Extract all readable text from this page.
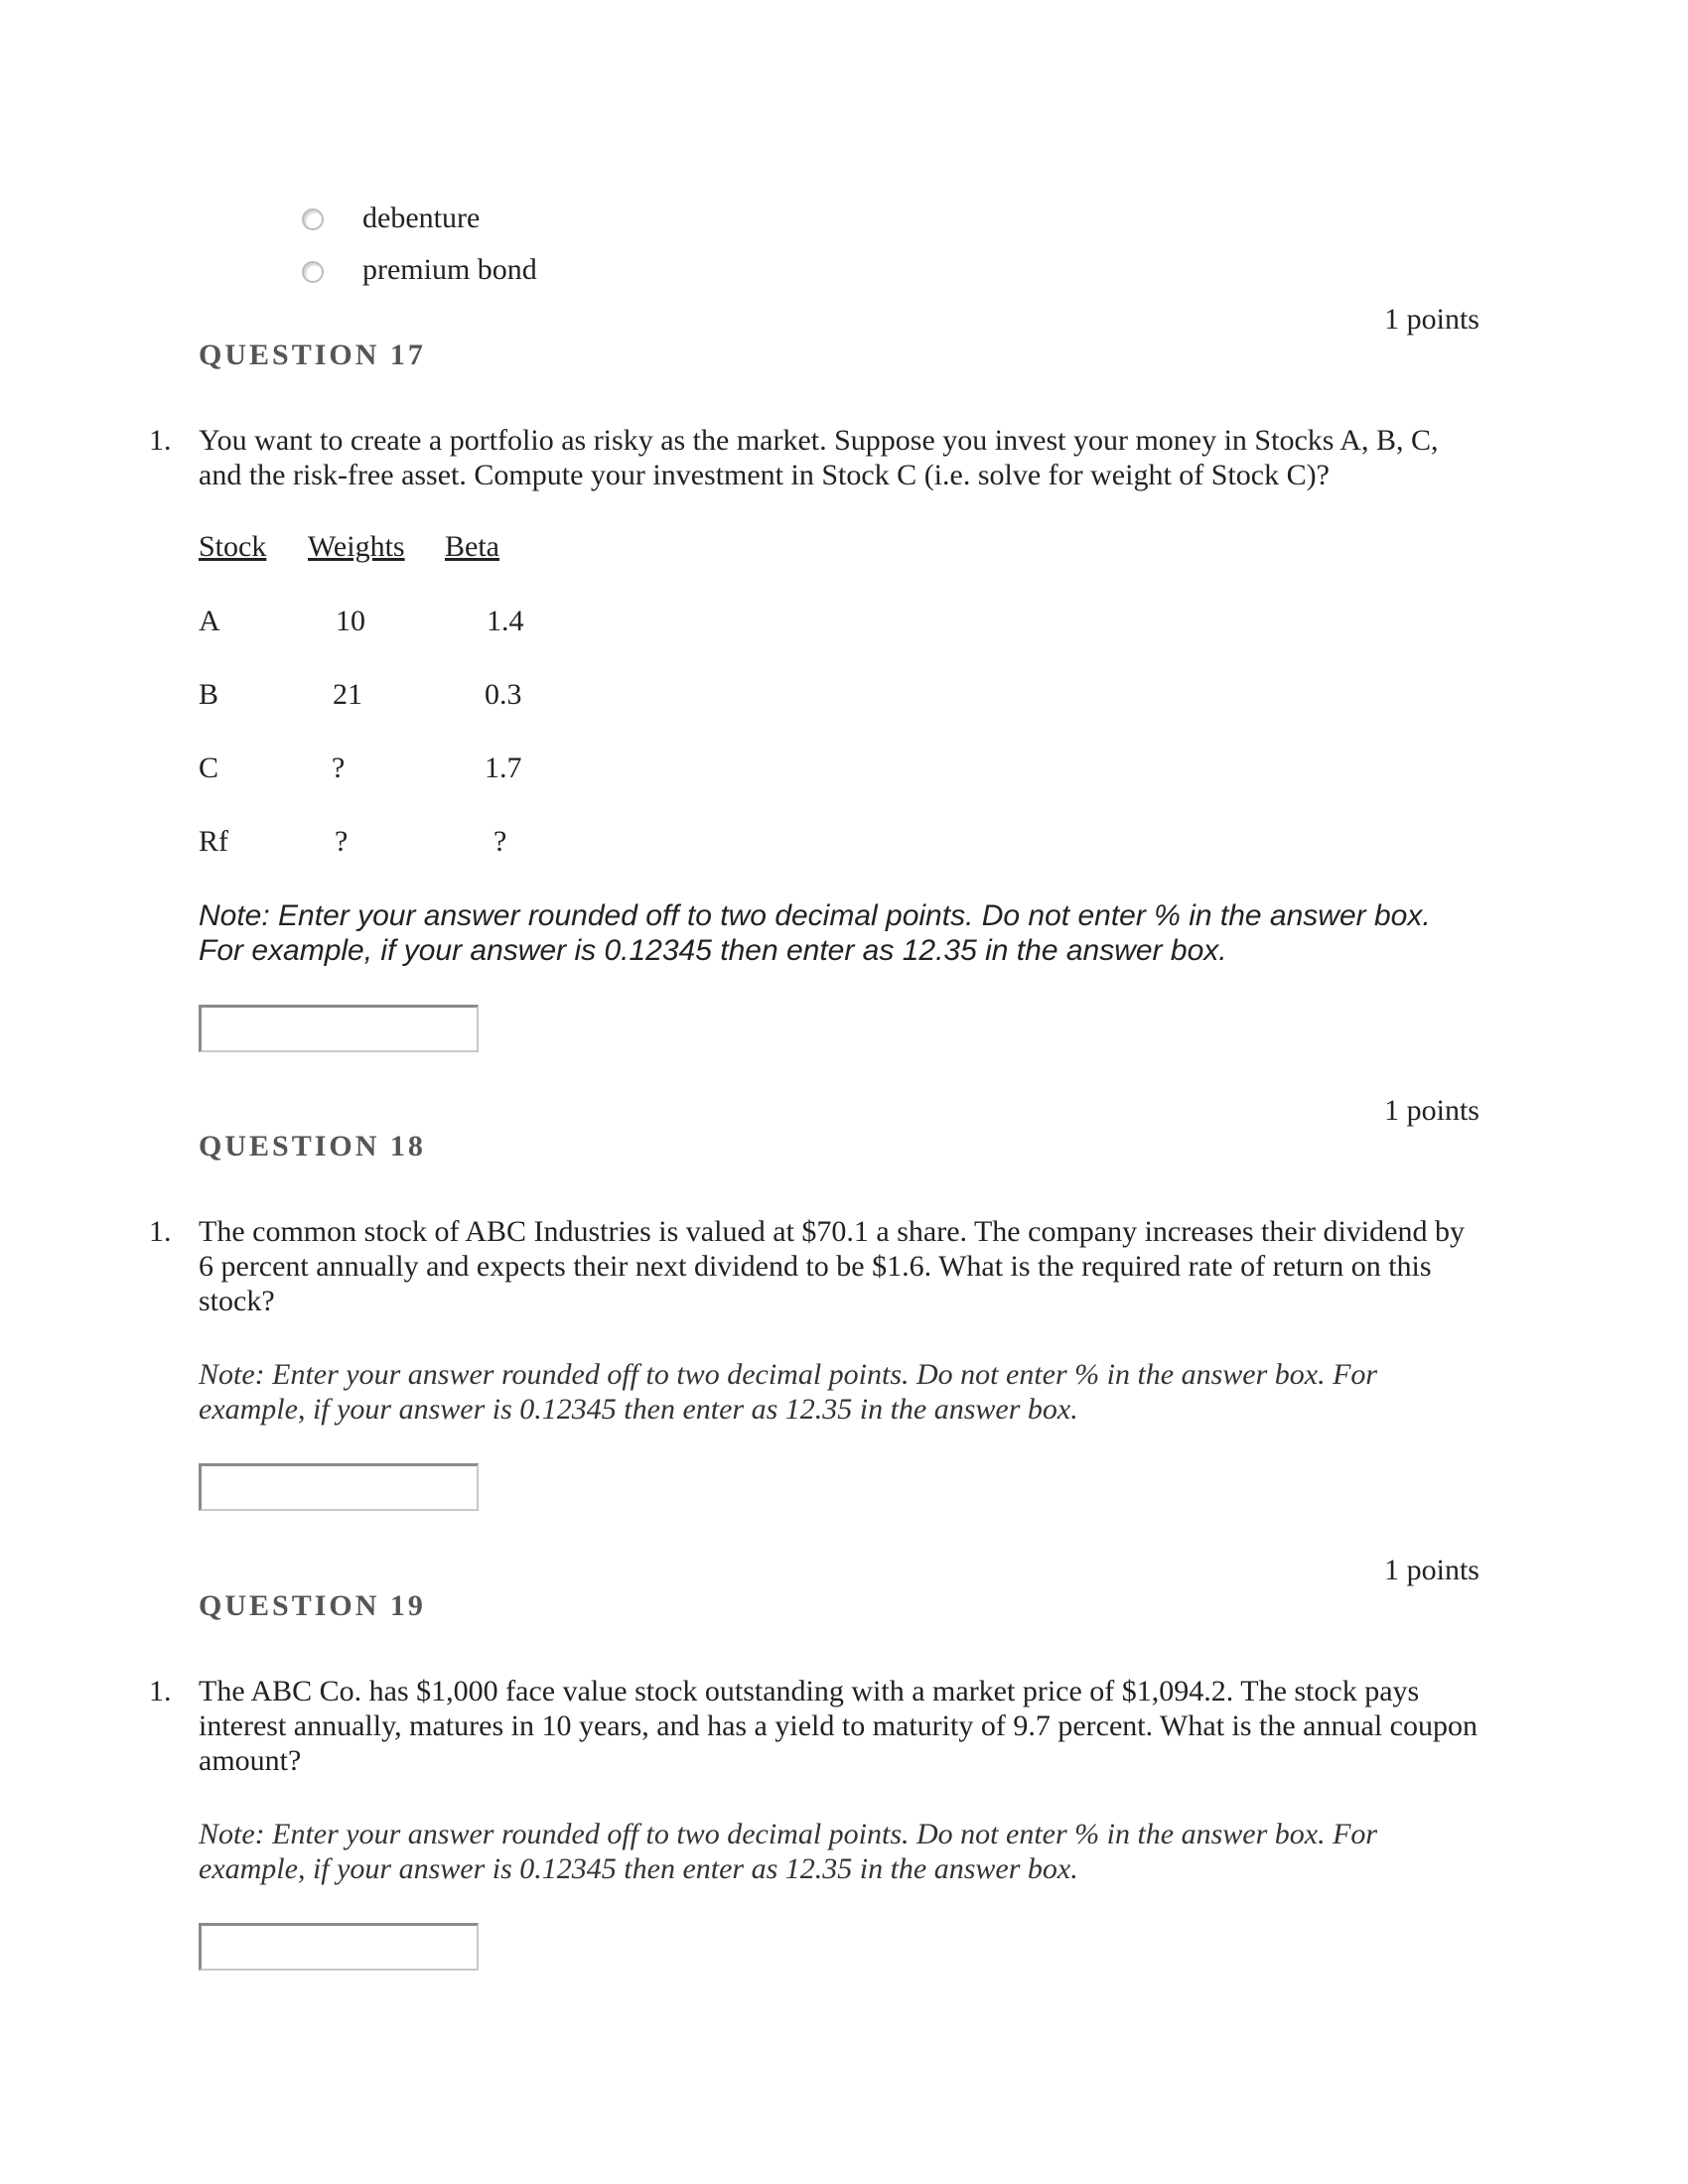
debenture
premium bond
1 points
QUESTION 17
1. You want to create a portfolio as risky as the market. Suppose you invest your money in Stocks A, B, C, and the risk-free asset. Compute your investment in Stock C (i.e. solve for weight of Stock C)?
Stock Weights Beta
A	10	1.4
B	21	0.3
C	?	1.7
Rf	?	?
Note: Enter your answer rounded off to two decimal points. Do not enter % in the answer box. For example, if your answer is 0.12345 then enter as 12.35 in the answer box.
1 points
QUESTION 18
1. The common stock of ABC Industries is valued at $70.1 a share. The company increases their dividend by 6 percent annually and expects their next dividend to be $1.6. What is the required rate of return on this stock?
Note: Enter your answer rounded off to two decimal points. Do not enter % in the answer box. For example, if your answer is 0.12345 then enter as 12.35 in the answer box.
1 points
QUESTION 19
1. The ABC Co. has $1,000 face value stock outstanding with a market price of $1,094.2. The stock pays interest annually, matures in 10 years, and has a yield to maturity of 9.7 percent. What is the annual coupon amount?
Note: Enter your answer rounded off to two decimal points. Do not enter % in the answer box. For example, if your answer is 0.12345 then enter as 12.35 in the answer box.
